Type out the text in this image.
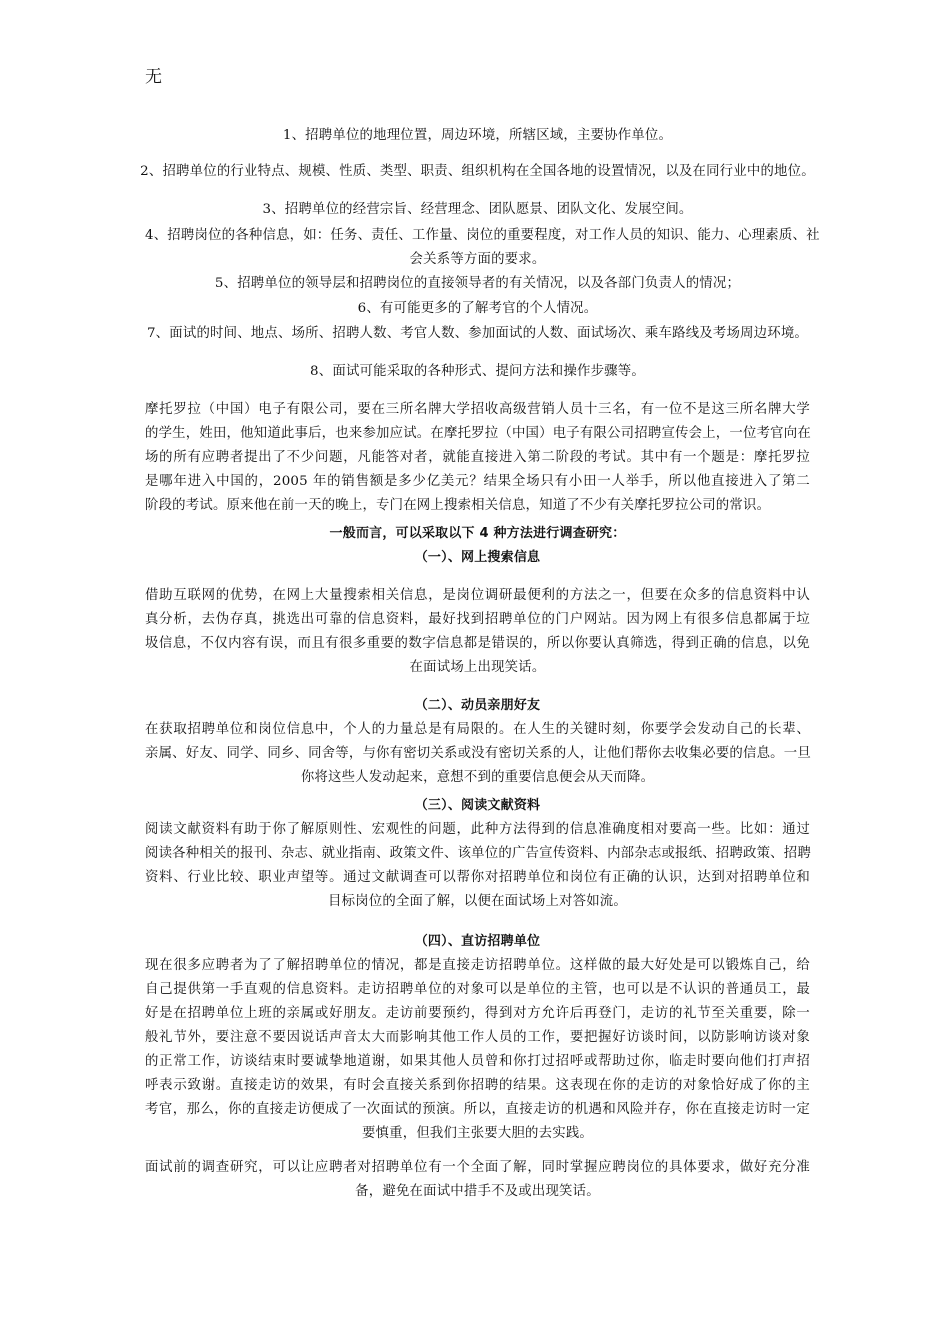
无
1、招聘单位的地理位置，周边环境，所辖区域，主要协作单位。
2、招聘单位的行业特点、规模、性质、类型、职责、组织机构在全国各地的设置情况，以及在同行业中的地位。
3、招聘单位的经营宗旨、经营理念、团队愿景、团队文化、发展空间。
4、招聘岗位的各种信息，如：任务、责任、工作量、岗位的重要程度，对工作人员的知识、能力、心理素质、社
会关系等方面的要求。
5、招聘单位的领导层和招聘岗位的直接领导者的有关情况，以及各部门负责人的情况；
6、有可能更多的了解考官的个人情况。
7、面试的时间、地点、场所、招聘人数、考官人数、参加面试的人数、面试场次、乘车路线及考场周边环境。
8、面试可能采取的各种形式、提问方法和操作步骤等。
摩托罗拉（中国）电子有限公司，要在三所名牌大学招收高级营销人员十三名，有一位不是这三所名牌大学
的学生，姓田，他知道此事后，也来参加应试。在摩托罗拉（中国）电子有限公司招聘宣传会上，一位考官向在
场的所有应聘者提出了不少问题，凡能答对者，就能直接进入第二阶段的考试。其中有一个题是：摩托罗拉
是哪年进入中国的，2005 年的销售额是多少亿美元？结果全场只有小田一人举手，所以他直接进入了第二
阶段的考试。原来他在前一天的晚上，专门在网上搜索相关信息，知道了不少有关摩托罗拉公司的常识。
一般而言，可以采取以下 4 种方法进行调查研究：
（一）、网上搜索信息
借助互联网的优势，在网上大量搜索相关信息，是岗位调研最便利的方法之一，但要在众多的信息资料中认
真分析，去伪存真，挑选出可靠的信息资料，最好找到招聘单位的门户网站。因为网上有很多信息都属于垃
圾信息，不仅内容有误，而且有很多重要的数字信息都是错误的，所以你要认真筛选，得到正确的信息，以免
在面试场上出现笑话。
（二）、动员亲朋好友
在获取招聘单位和岗位信息中，个人的力量总是有局限的。在人生的关键时刻，你要学会发动自己的长辈、
亲属、好友、同学、同乡、同舍等，与你有密切关系或没有密切关系的人，让他们帮你去收集必要的信息。一旦
你将这些人发动起来，意想不到的重要信息便会从天而降。
（三）、阅读文献资料
阅读文献资料有助于你了解原则性、宏观性的问题，此种方法得到的信息准确度相对要高一些。比如：通过
阅读各种相关的报刊、杂志、就业指南、政策文件、该单位的广告宣传资料、内部杂志或报纸、招聘政策、招聘
资料、行业比较、职业声望等。通过文献调查可以帮你对招聘单位和岗位有正确的认识，达到对招聘单位和
目标岗位的全面了解，以便在面试场上对答如流。
（四）、直访招聘单位
现在很多应聘者为了了解招聘单位的情况，都是直接走访招聘单位。这样做的最大好处是可以锻炼自己，给
自己提供第一手直观的信息资料。走访招聘单位的对象可以是单位的主管，也可以是不认识的普通员工，最
好是在招聘单位上班的亲属或好朋友。走访前要预约，得到对方允许后再登门，走访的礼节至关重要，除一
般礼节外，要注意不要因说话声音太大而影响其他工作人员的工作，要把握好访谈时间，以防影响访谈对象
的正常工作，访谈结束时要诚挚地道谢，如果其他人员曾和你打过招呼或帮助过你，临走时要向他们打声招
呼表示致谢。直接走访的效果，有时会直接关系到你招聘的结果。这表现在你的走访的对象恰好成了你的主
考官，那么，你的直接走访便成了一次面试的预演。所以，直接走访的机遇和风险并存，你在直接走访时一定
要慎重，但我们主张要大胆的去实践。
面试前的调查研究，可以让应聘者对招聘单位有一个全面了解，同时掌握应聘岗位的具体要求，做好充分准
备，避免在面试中措手不及或出现笑话。
